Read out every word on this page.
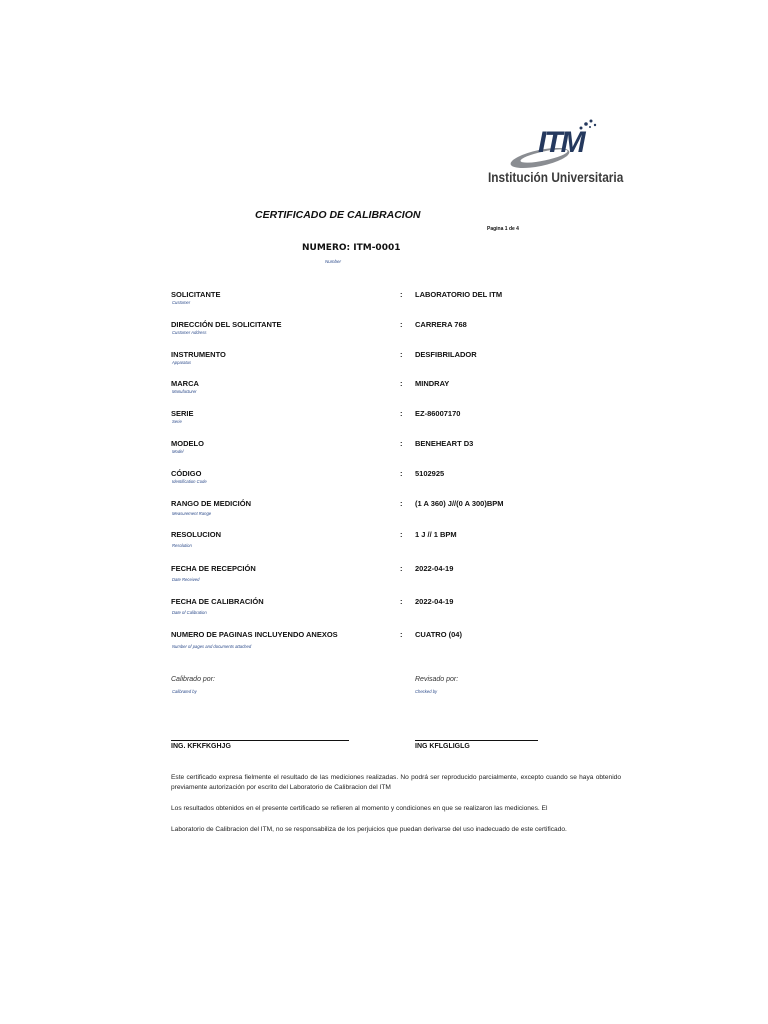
ITM
Institución Universitaria
CERTIFICADO DE CALIBRACION
Pagina 1 de 4
NUMERO: ITM-0001
Number
SOLICITANTE
Customer
: LABORATORIO DEL ITM
DIRECCIÓN DEL SOLICITANTE
Customer Address
: CARRERA 768
INSTRUMENTO
Apparatus
: DESFIBRILADOR
MARCA
Manufacturer
: MINDRAY
SERIE
Serie
: EZ-86007170
MODELO
Model
: BENEHEART D3
CÓDIGO
Identification Code
: 5102925
RANGO DE MEDICIÓN
Measurement Range
: (1 A 360) J//(0 A 300)BPM
RESOLUCION
Resolution
: 1 J // 1 BPM
FECHA DE RECEPCIÓN
Date Received
: 2022-04-19
FECHA DE CALIBRACIÓN
Date of Calibration
: 2022-04-19
NUMERO DE PAGINAS INCLUYENDO ANEXOS
Number of pages and documents attached
: CUATRO (04)
Calibrado por:
Calibrated by
ING. KFKFKGHJG
Revisado por:
Checked by
ING KFLGLIGLG
Este certificado expresa fielmente el resultado de las mediciones realizadas. No podrá ser reproducido parcialmente, excepto cuando se haya obtenido previamente autorización por escrito del Laboratorio de Calibracion del ITM
Los resultados obtenidos en el presente certificado se refieren al momento y condiciones en que se realizaron las mediciones. El
Laboratorio de Calibracion del ITM, no se responsabiliza de los perjuicios que puedan derivarse del uso inadecuado de este certificado.
